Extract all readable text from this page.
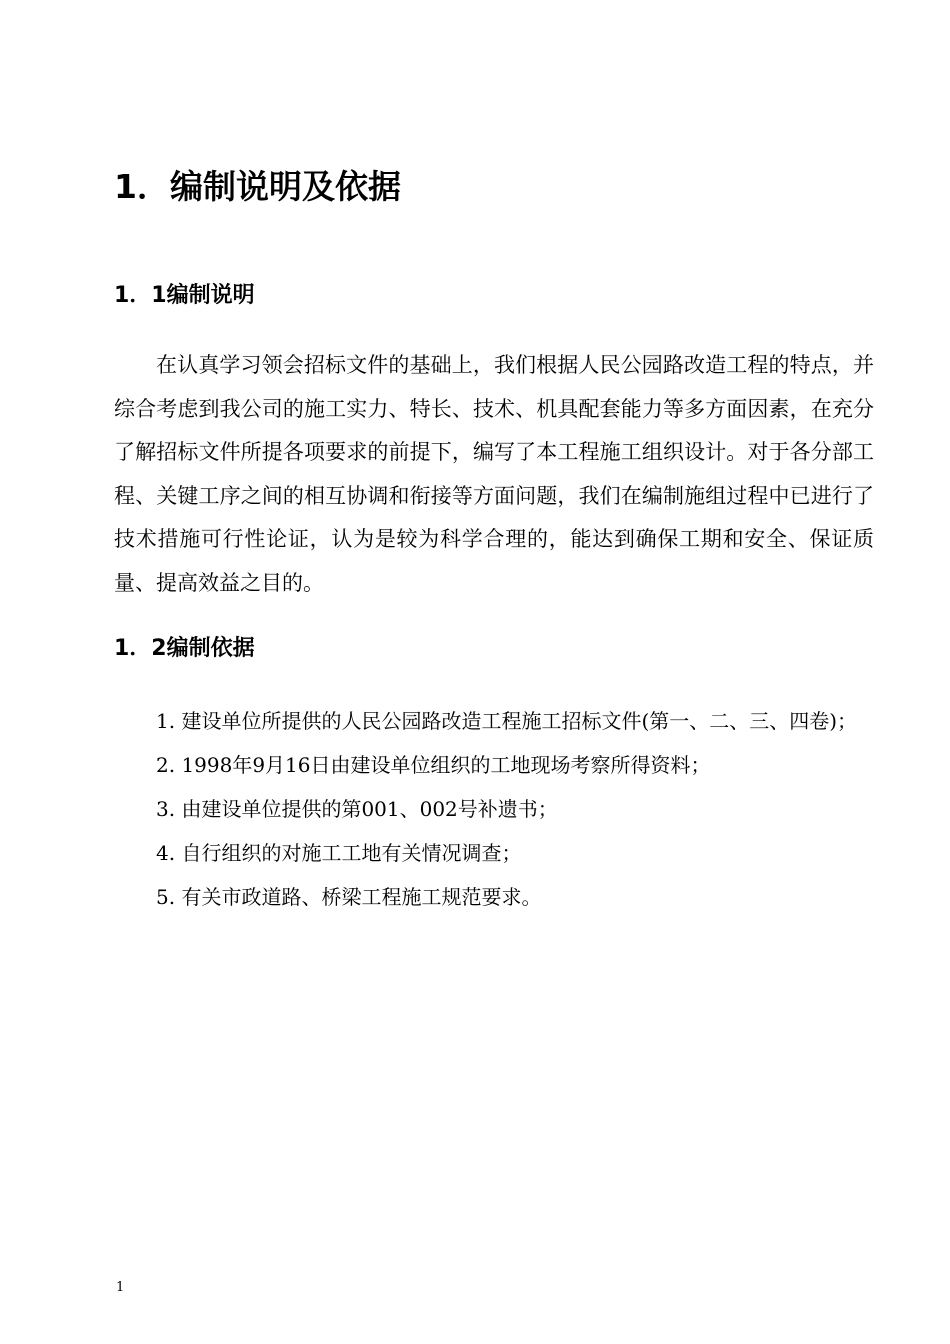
1．编制说明及依据
1．1编制说明

在认真学习领会招标文件的基础上，我们根据人民公园路改造工程的特点，并综合考虑到我公司的施工实力、特长、技术、机具配套能力等多方面因素，在充分了解招标文件所提各项要求的前提下，编写了本工程施工组织设计。对于各分部工程、关键工序之间的相互协调和衔接等方面问题，我们在编制施组过程中已进行了技术措施可行性论证，认为是较为科学合理的，能达到确保工期和安全、保证质量、提高效益之目的。

1．2编制依据
1. 建设单位所提供的人民公园路改造工程施工招标文件(第一、二、三、四卷)；
2. 1998年9月16日由建设单位组织的工地现场考察所得资料；
3. 由建设单位提供的第001、002号补遗书；
4. 自行组织的对施工工地有关情况调查；
5. 有关市政道路、桥梁工程施工规范要求。
1
